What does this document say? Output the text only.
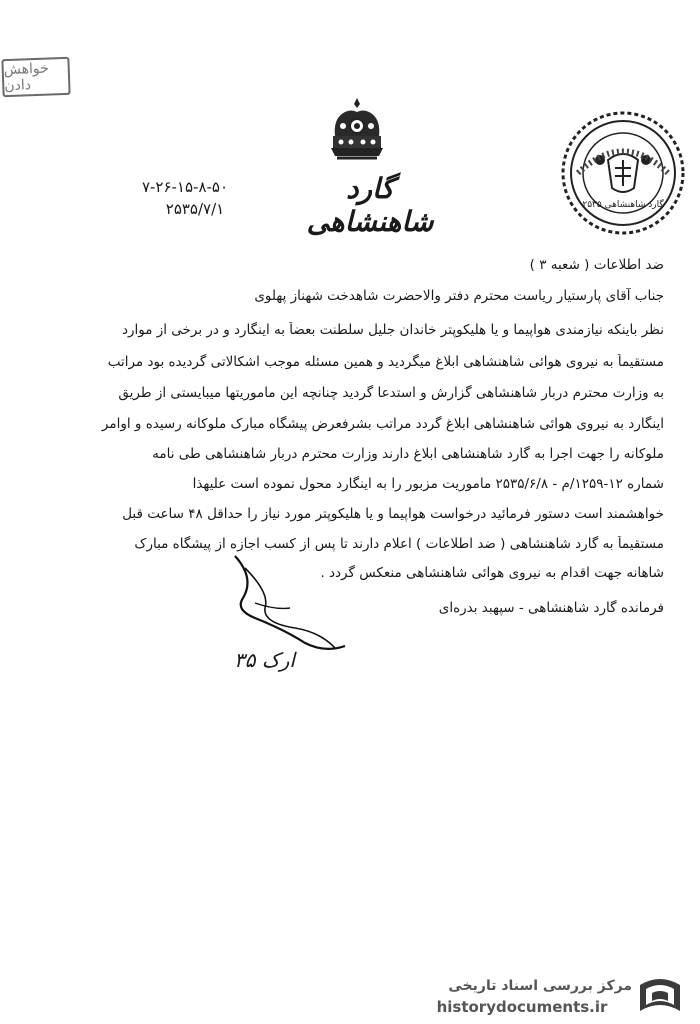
خواهش دادن
گارد شاهنشاهی ۲۵۳۵
۷-۲۶-۱۵-۸-۵۰
۲۵۳۵/۷/۱
گارد شاهنشاهی
ضد اطلاعات ( شعبه ۳ )
جناب آقای پارستیار ریاست محترم دفتر والاحضرت شاهدخت شهناز پهلوی
نظر باینکه نیازمندی هواپیما و یا هلیکوپتر خاندان جلیل سلطنت بعضاً به اینگارد و در برخی از موارد
مستقیماً به نیروی هوائی شاهنشاهی ابلاغ میگردید و همین مسئله موجب اشکالاتی گردیده بود مراتب
به وزارت محترم دربار شاهنشاهی گزارش و استدعا گردید چنانچه این ماموریتها میبایستی از طریق
اینگارد به نیروی هوائی شاهنشاهی ابلاغ گردد مراتب بشرفعرض پیشگاه مبارک ملوکانه رسیده و اوامر
ملوکانه را جهت اجرا به گارد شاهنشاهی ابلاغ دارند وزارت محترم دربار شاهنشاهی طی نامه
شماره ۱۲-۱۲۵۹/م - ۲۵۳۵/۶/۸ ماموریت مزبور را به اینگارد محول نموده است علیهذا
خواهشمند است دستور فرمائید درخواست هواپیما و یا هلیکوپتر مورد نیاز را حداقل ۴۸ ساعت قبل
مستقیماً به گارد شاهنشاهی ( ضد اطلاعات ) اعلام دارند تا پس از کسب اجازه از پیشگاه مبارک
شاهانه جهت اقدام به نیروی هوائی شاهنشاهی منعکس گردد .
فرمانده گارد شاهنشاهی - سپهبد بدره‌ای
ارک ۳۵
مرکز بررسی اسناد تاریخی
historydocuments.ir
